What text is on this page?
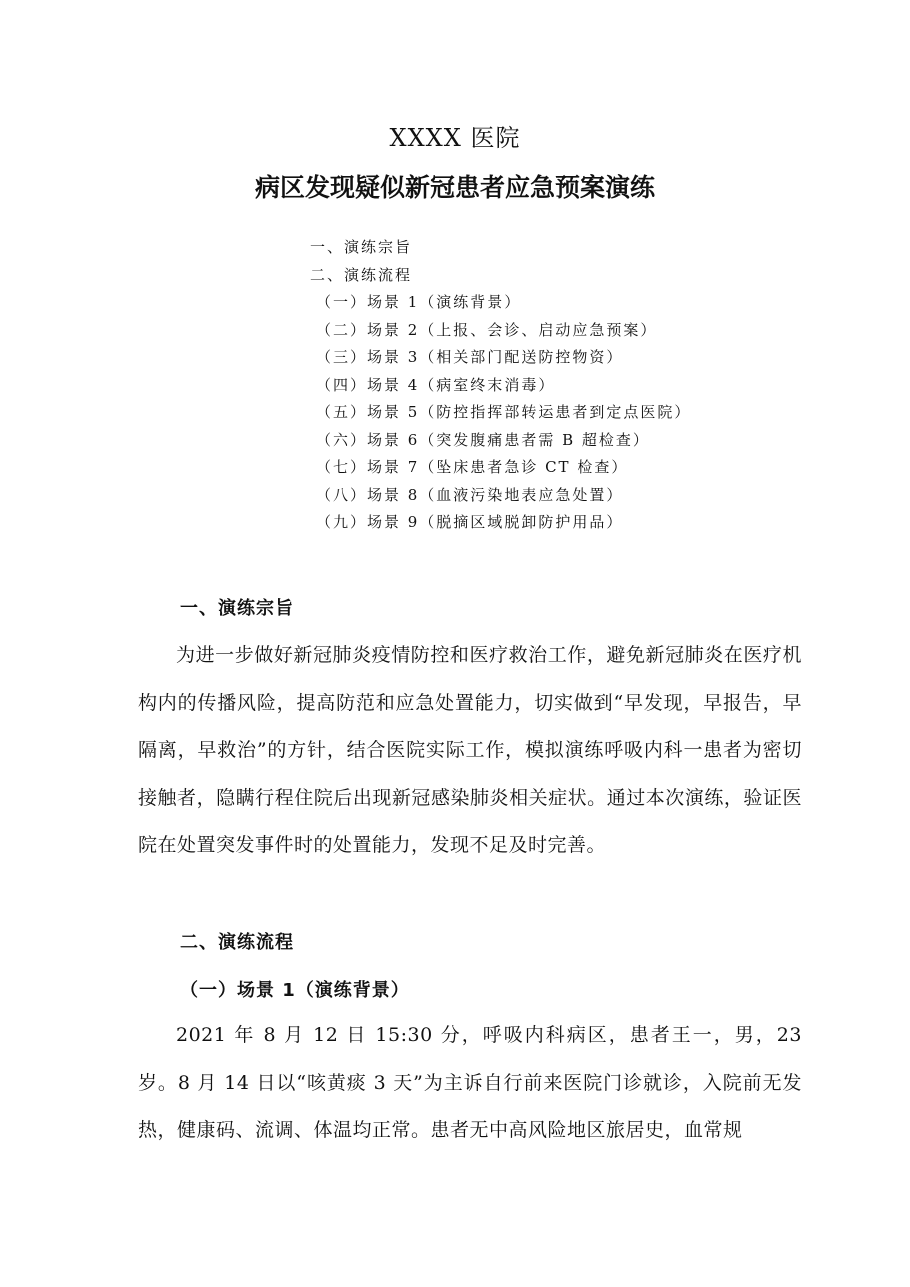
XXXX 医院
病区发现疑似新冠患者应急预案演练
一、演练宗旨
二、演练流程
（一）场景 1（演练背景）
（二）场景 2（上报、会诊、启动应急预案）
（三）场景 3（相关部门配送防控物资）
（四）场景 4（病室终末消毒）
（五）场景 5（防控指挥部转运患者到定点医院）
（六）场景 6（突发腹痛患者需 B 超检查）
（七）场景 7（坠床患者急诊 CT 检查）
（八）场景 8（血液污染地表应急处置）
（九）场景 9（脱摘区域脱卸防护用品）
一、演练宗旨

为进一步做好新冠肺炎疫情防控和医疗救治工作，避免新冠肺炎在医疗机构内的传播风险，提高防范和应急处置能力，切实做到“早发现，早报告，早隔离，早救治”的方针，结合医院实际工作，模拟演练呼吸内科一患者为密切接触者，隐瞒行程住院后出现新冠感染肺炎相关症状。通过本次演练，验证医院在处置突发事件时的处置能力，发现不足及时完善。

二、演练流程
（一）场景 1（演练背景）

2021 年 8 月 12 日 15:30 分，呼吸内科病区，患者王一，男，23 岁。8 月 14 日以“咳黄痰 3 天”为主诉自行前来医院门诊就诊，入院前无发热，健康码、流调、体温均正常。患者无中高风险地区旅居史，血常规
